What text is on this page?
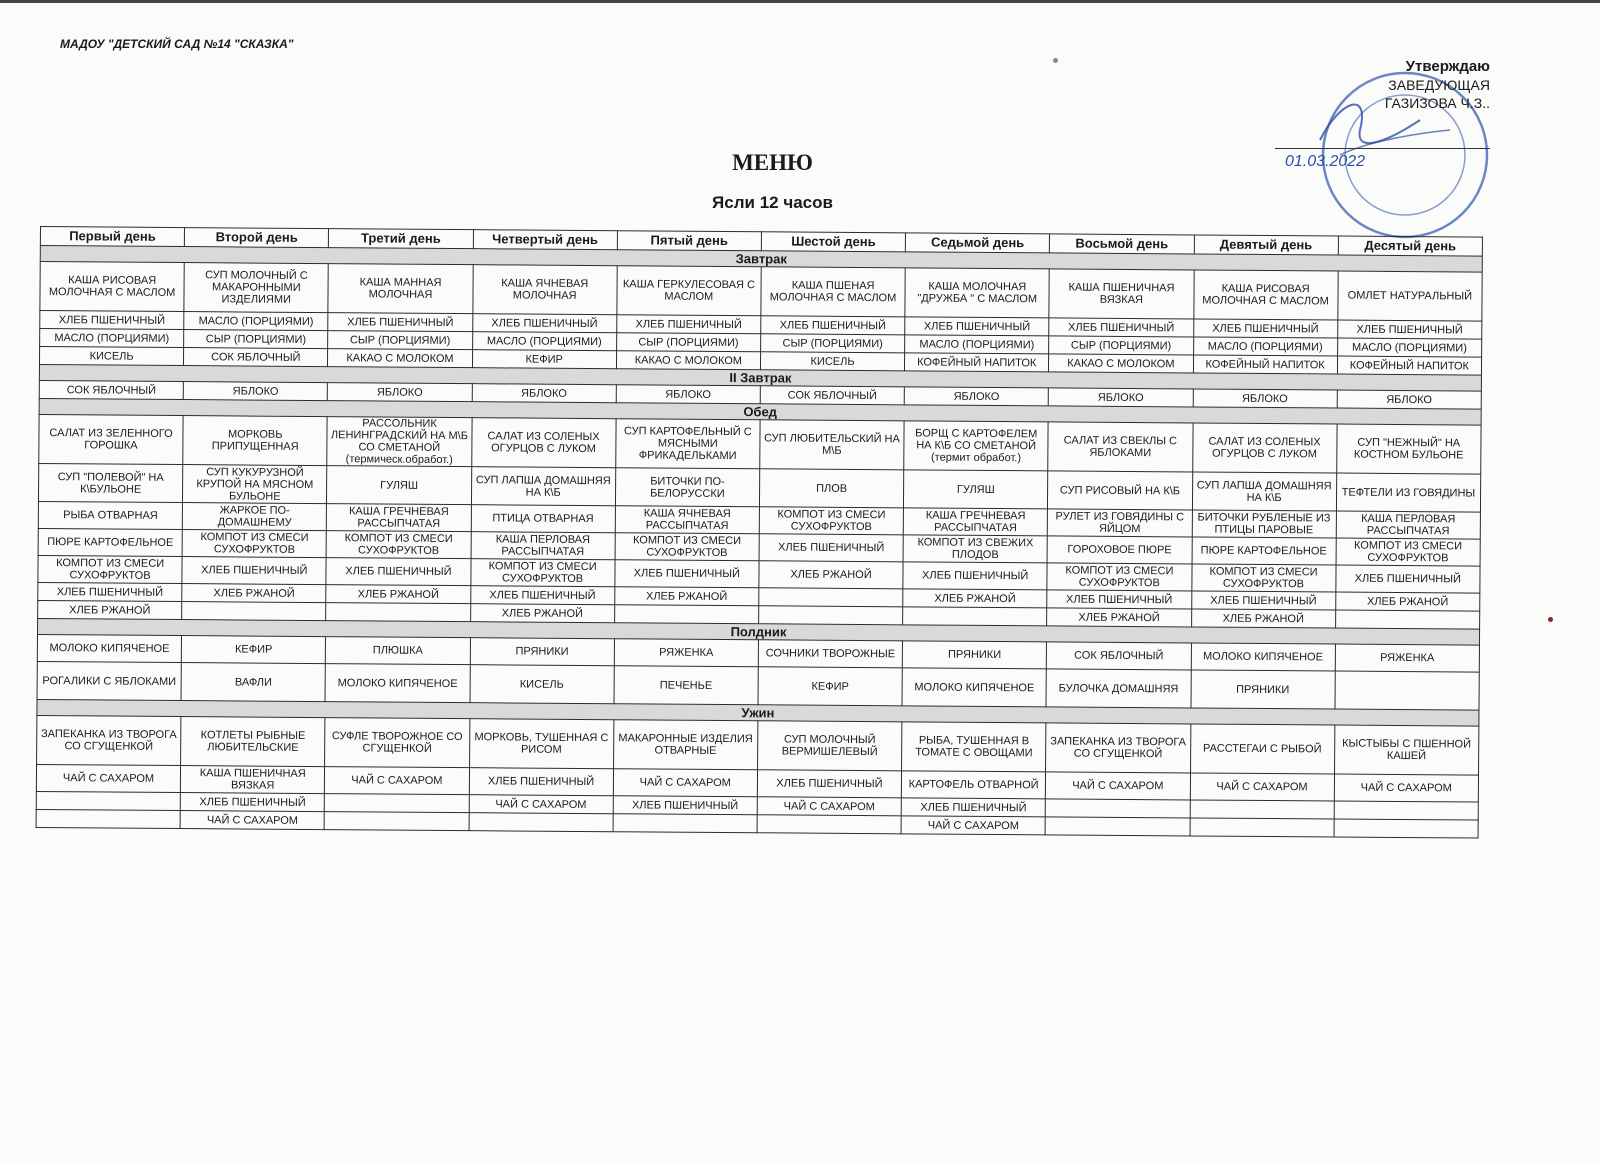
МАДОУ "ДЕТСКИЙ САД №14 "СКАЗКА"
Утверждаю
ЗАВЕДУЮЩАЯ
ГАЗИЗОВА Ч.З..
01.03.2022
МЕНЮ
Ясли 12 часов
Первый день	Второй день	Третий день	Четвертый день	Пятый день	Шестой день	Седьмой день	Восьмой день	Девятый день	Десятый день
Завтрак									
КАША РИСОВАЯ МОЛОЧНАЯ С МАСЛОМ	СУП МОЛОЧНЫЙ С МАКАРОННЫМИ ИЗДЕЛИЯМИ	КАША МАННАЯ МОЛОЧНАЯ	КАША ЯЧНЕВАЯ МОЛОЧНАЯ	КАША ГЕРКУЛЕСОВАЯ С МАСЛОМ	КАША ПШЕНАЯ МОЛОЧНАЯ С МАСЛОМ	КАША МОЛОЧНАЯ "ДРУЖБА " С МАСЛОМ	КАША ПШЕНИЧНАЯ ВЯЗКАЯ	КАША РИСОВАЯ МОЛОЧНАЯ С МАСЛОМ	ОМЛЕТ НАТУРАЛЬНЫЙ
ХЛЕБ ПШЕНИЧНЫЙ	МАСЛО (ПОРЦИЯМИ)	ХЛЕБ ПШЕНИЧНЫЙ	ХЛЕБ ПШЕНИЧНЫЙ	ХЛЕБ ПШЕНИЧНЫЙ	ХЛЕБ ПШЕНИЧНЫЙ	ХЛЕБ ПШЕНИЧНЫЙ	ХЛЕБ ПШЕНИЧНЫЙ	ХЛЕБ ПШЕНИЧНЫЙ	ХЛЕБ ПШЕНИЧНЫЙ
МАСЛО (ПОРЦИЯМИ)	СЫР (ПОРЦИЯМИ)	СЫР (ПОРЦИЯМИ)	МАСЛО (ПОРЦИЯМИ)	СЫР (ПОРЦИЯМИ)	СЫР (ПОРЦИЯМИ)	МАСЛО (ПОРЦИЯМИ)	СЫР (ПОРЦИЯМИ)	МАСЛО (ПОРЦИЯМИ)	МАСЛО (ПОРЦИЯМИ)
КИСЕЛЬ	СОК ЯБЛОЧНЫЙ	КАКАО С МОЛОКОМ	КЕФИР	КАКАО С МОЛОКОМ	КИСЕЛЬ	КОФЕЙНЫЙ НАПИТОК	КАКАО С МОЛОКОМ	КОФЕЙНЫЙ НАПИТОК	КОФЕЙНЫЙ НАПИТОК
II Завтрак									
СОК ЯБЛОЧНЫЙ	ЯБЛОКО	ЯБЛОКО	ЯБЛОКО	ЯБЛОКО	СОК ЯБЛОЧНЫЙ	ЯБЛОКО	ЯБЛОКО	ЯБЛОКО	ЯБЛОКО
Обед									
САЛАТ ИЗ ЗЕЛЕННОГО ГОРОШКА	МОРКОВЬ ПРИПУЩЕННАЯ	РАССОЛЬНИК ЛЕНИНГРАДСКИЙ НА М\Б СО СМЕТАНОЙ (термическ.обработ.)	САЛАТ ИЗ СОЛЕНЫХ ОГУРЦОВ С ЛУКОМ	СУП КАРТОФЕЛЬНЫЙ С МЯСНЫМИ ФРИКАДЕЛЬКАМИ	СУП ЛЮБИТЕЛЬСКИЙ НА М\Б	БОРЩ С КАРТОФЕЛЕМ НА К\Б СО СМЕТАНОЙ (термит обработ.)	САЛАТ ИЗ СВЕКЛЫ С ЯБЛОКАМИ	САЛАТ ИЗ СОЛЕНЫХ ОГУРЦОВ С ЛУКОМ	СУП "НЕЖНЫЙ" НА КОСТНОМ БУЛЬОНЕ
СУП "ПОЛЕВОЙ" НА К\БУЛЬОНЕ	СУП КУКУРУЗНОЙ КРУПОЙ НА МЯСНОМ БУЛЬОНЕ	ГУЛЯШ	СУП ЛАПША ДОМАШНЯЯ НА К\Б	БИТОЧКИ ПО-БЕЛОРУССКИ	ПЛОВ	ГУЛЯШ	СУП РИСОВЫЙ НА К\Б	СУП ЛАПША ДОМАШНЯЯ НА К\Б	ТЕФТЕЛИ ИЗ ГОВЯДИНЫ
РЫБА ОТВАРНАЯ	ЖАРКОЕ ПО-ДОМАШНЕМУ	КАША ГРЕЧНЕВАЯ РАССЫПЧАТАЯ	ПТИЦА ОТВАРНАЯ	КАША ЯЧНЕВАЯ РАССЫПЧАТАЯ	КОМПОТ ИЗ СМЕСИ СУХОФРУКТОВ	КАША ГРЕЧНЕВАЯ РАССЫПЧАТАЯ	РУЛЕТ ИЗ ГОВЯДИНЫ С ЯЙЦОМ	БИТОЧКИ РУБЛЕНЫЕ ИЗ ПТИЦЫ ПАРОВЫЕ	КАША ПЕРЛОВАЯ РАССЫПЧАТАЯ
ПЮРЕ КАРТОФЕЛЬНОЕ	КОМПОТ ИЗ СМЕСИ СУХОФРУКТОВ	КОМПОТ ИЗ СМЕСИ СУХОФРУКТОВ	КАША ПЕРЛОВАЯ РАССЫПЧАТАЯ	КОМПОТ ИЗ СМЕСИ СУХОФРУКТОВ	ХЛЕБ ПШЕНИЧНЫЙ	КОМПОТ ИЗ СВЕЖИХ ПЛОДОВ	ГОРОХОВОЕ ПЮРЕ	ПЮРЕ КАРТОФЕЛЬНОЕ	КОМПОТ ИЗ СМЕСИ СУХОФРУКТОВ
КОМПОТ ИЗ СМЕСИ СУХОФРУКТОВ	ХЛЕБ ПШЕНИЧНЫЙ	ХЛЕБ ПШЕНИЧНЫЙ	КОМПОТ ИЗ СМЕСИ СУХОФРУКТОВ	ХЛЕБ ПШЕНИЧНЫЙ	ХЛЕБ РЖАНОЙ	ХЛЕБ ПШЕНИЧНЫЙ	КОМПОТ ИЗ СМЕСИ СУХОФРУКТОВ	КОМПОТ ИЗ СМЕСИ СУХОФРУКТОВ	ХЛЕБ ПШЕНИЧНЫЙ
ХЛЕБ ПШЕНИЧНЫЙ	ХЛЕБ РЖАНОЙ	ХЛЕБ РЖАНОЙ	ХЛЕБ ПШЕНИЧНЫЙ	ХЛЕБ РЖАНОЙ		ХЛЕБ РЖАНОЙ	ХЛЕБ ПШЕНИЧНЫЙ	ХЛЕБ ПШЕНИЧНЫЙ	ХЛЕБ РЖАНОЙ
ХЛЕБ РЖАНОЙ			ХЛЕБ РЖАНОЙ				ХЛЕБ РЖАНОЙ	ХЛЕБ РЖАНОЙ	
Полдник									
МОЛОКО КИПЯЧЕНОЕ	КЕФИР	ПЛЮШКА	ПРЯНИКИ	РЯЖЕНКА	СОЧНИКИ ТВОРОЖНЫЕ	ПРЯНИКИ	СОК ЯБЛОЧНЫЙ	МОЛОКО КИПЯЧЕНОЕ	РЯЖЕНКА
РОГАЛИКИ С ЯБЛОКАМИ	ВАФЛИ	МОЛОКО КИПЯЧЕНОЕ	КИСЕЛЬ	ПЕЧЕНЬЕ	КЕФИР	МОЛОКО КИПЯЧЕНОЕ	БУЛОЧКА ДОМАШНЯЯ	ПРЯНИКИ	
Ужин									
ЗАПЕКАНКА ИЗ ТВОРОГА СО СГУЩЕНКОЙ	КОТЛЕТЫ РЫБНЫЕ ЛЮБИТЕЛЬСКИЕ	СУФЛЕ ТВОРОЖНОЕ СО СГУЩЕНКОЙ	МОРКОВЬ, ТУШЕННАЯ С РИСОМ	МАКАРОННЫЕ ИЗДЕЛИЯ ОТВАРНЫЕ	СУП МОЛОЧНЫЙ ВЕРМИШЕЛЕВЫЙ	РЫБА, ТУШЕННАЯ В ТОМАТЕ С ОВОЩАМИ	ЗАПЕКАНКА ИЗ ТВОРОГА СО СГУЩЕНКОЙ	РАССТЕГАИ С РЫБОЙ	КЫСТЫБЫ С ПШЕННОЙ КАШЕЙ
ЧАЙ С САХАРОМ	КАША ПШЕНИЧНАЯ ВЯЗКАЯ	ЧАЙ С САХАРОМ	ХЛЕБ ПШЕНИЧНЫЙ	ЧАЙ С САХАРОМ	ХЛЕБ ПШЕНИЧНЫЙ	КАРТОФЕЛЬ ОТВАРНОЙ	ЧАЙ С САХАРОМ	ЧАЙ С САХАРОМ	ЧАЙ С САХАРОМ
	ХЛЕБ ПШЕНИЧНЫЙ		ЧАЙ С САХАРОМ	ХЛЕБ ПШЕНИЧНЫЙ	ЧАЙ С САХАРОМ	ХЛЕБ ПШЕНИЧНЫЙ			
	ЧАЙ С САХАРОМ					ЧАЙ С САХАРОМ			
